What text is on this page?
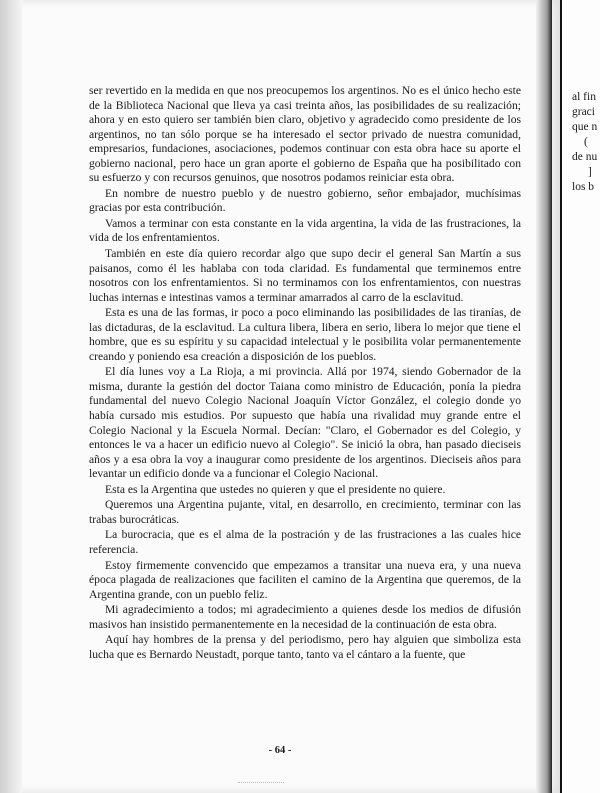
ser revertido en la medida en que nos preocupemos los argentinos. No es el único hecho este de la Biblioteca Nacional que lleva ya casi treinta años, las posibilidades de su realización; ahora y en esto quiero ser también bien claro, objetivo y agradecido como presidente de los argentinos, no tan sólo porque se ha interesado el sector privado de nuestra comunidad, empresarios, fundaciones, asociaciones, podemos continuar con esta obra hace su aporte el gobierno nacional, pero hace un gran aporte el gobierno de España que ha posibilitado con su esfuerzo y con recursos genuinos, que nosotros podamos reiniciar esta obra.

En nombre de nuestro pueblo y de nuestro gobierno, señor embajador, muchísimas gracias por esta contribución.

Vamos a terminar con esta constante en la vida argentina, la vida de las frustraciones, la vida de los enfrentamientos.

También en este día quiero recordar algo que supo decir el general San Martín a sus paisanos, como él les hablaba con toda claridad. Es fundamental que terminemos entre nosotros con los enfrentamientos. Si no terminamos con los enfrentamientos, con nuestras luchas internas e intestinas vamos a terminar amarrados al carro de la esclavitud.

Esta es una de las formas, ir poco a poco eliminando las posibilidades de las tiranías, de las dictaduras, de la esclavitud. La cultura libera, libera en serio, libera lo mejor que tiene el hombre, que es su espíritu y su capacidad intelectual y le posibilita volar permanentemente creando y poniendo esa creación a disposición de los pueblos.

El día lunes voy a La Rioja, a mi provincia. Allá por 1974, siendo Gobernador de la misma, durante la gestión del doctor Taiana como ministro de Educación, ponía la piedra fundamental del nuevo Colegio Nacional Joaquín Víctor González, el colegio donde yo había cursado mis estudios. Por supuesto que había una rivalidad muy grande entre el Colegio Nacional y la Escuela Normal. Decían: "Claro, el Gobernador es del Colegio, y entonces le va a hacer un edificio nuevo al Colegio". Se inició la obra, han pasado dieciseis años y a esa obra la voy a inaugurar como presidente de los argentinos. Dieciseis años para levantar un edificio donde va a funcionar el Colegio Nacional.

Esta es la Argentina que ustedes no quieren y que el presidente no quiere.

Queremos una Argentina pujante, vital, en desarrollo, en crecimiento, terminar con las trabas burocráticas.

La burocracia, que es el alma de la postración y de las frustraciones a las cuales hice referencia.

Estoy firmemente convencido que empezamos a transitar una nueva era, y una nueva época plagada de realizaciones que faciliten el camino de la Argentina que queremos, de la Argentina grande, con un pueblo feliz.

Mi agradecimiento a todos; mi agradecimiento a quienes desde los medios de difusión masivos han insistido permanentemente en la necesidad de la continuación de esta obra.

Aquí hay hombres de la prensa y del periodismo, pero hay alguien que simboliza esta lucha que es Bernardo Neustadt, porque tanto, tanto va el cántaro a la fuente, que

- 64 -
al fin
graci
que n
(
de nu
]
los b
